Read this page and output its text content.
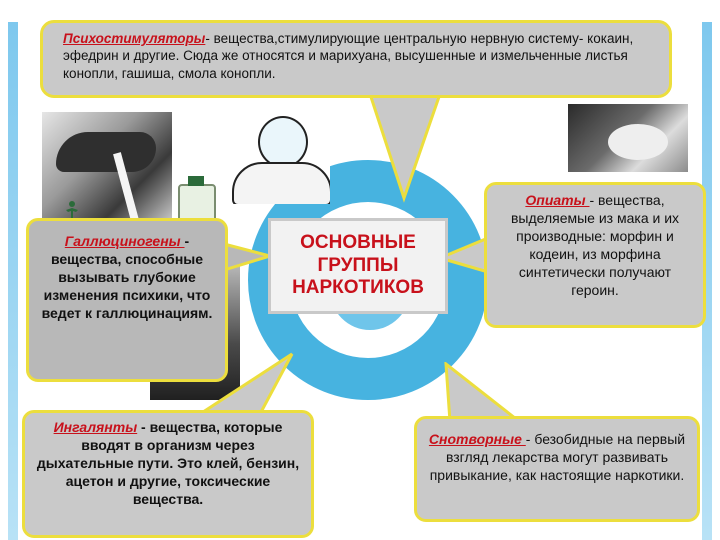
Психостимуляторы- вещества,стимулирующие центральную нервную систему- кокаин, эфедрин и другие. Сюда же относятся и марихуана, высушенные и измельченные листья конопли, гашиша, смола конопли.
Опиаты - вещества, выделяемые из мака и их производные: морфин и кодеин, из морфина синтетически получают героин.
Галлюциногены - вещества, способные вызывать глубокие изменения психики, что ведет к галлюцинациям.
Ингалянты - вещества, которые вводят в организм через дыхательные пути. Это клей, бензин, ацетон и другие, токсические вещества.
Снотворные - безобидные на первый взгляд лекарства могут развивать привыкание, как настоящие наркотики.
ОСНОВНЫЕ
ГРУППЫ
НАРКОТИКОВ
